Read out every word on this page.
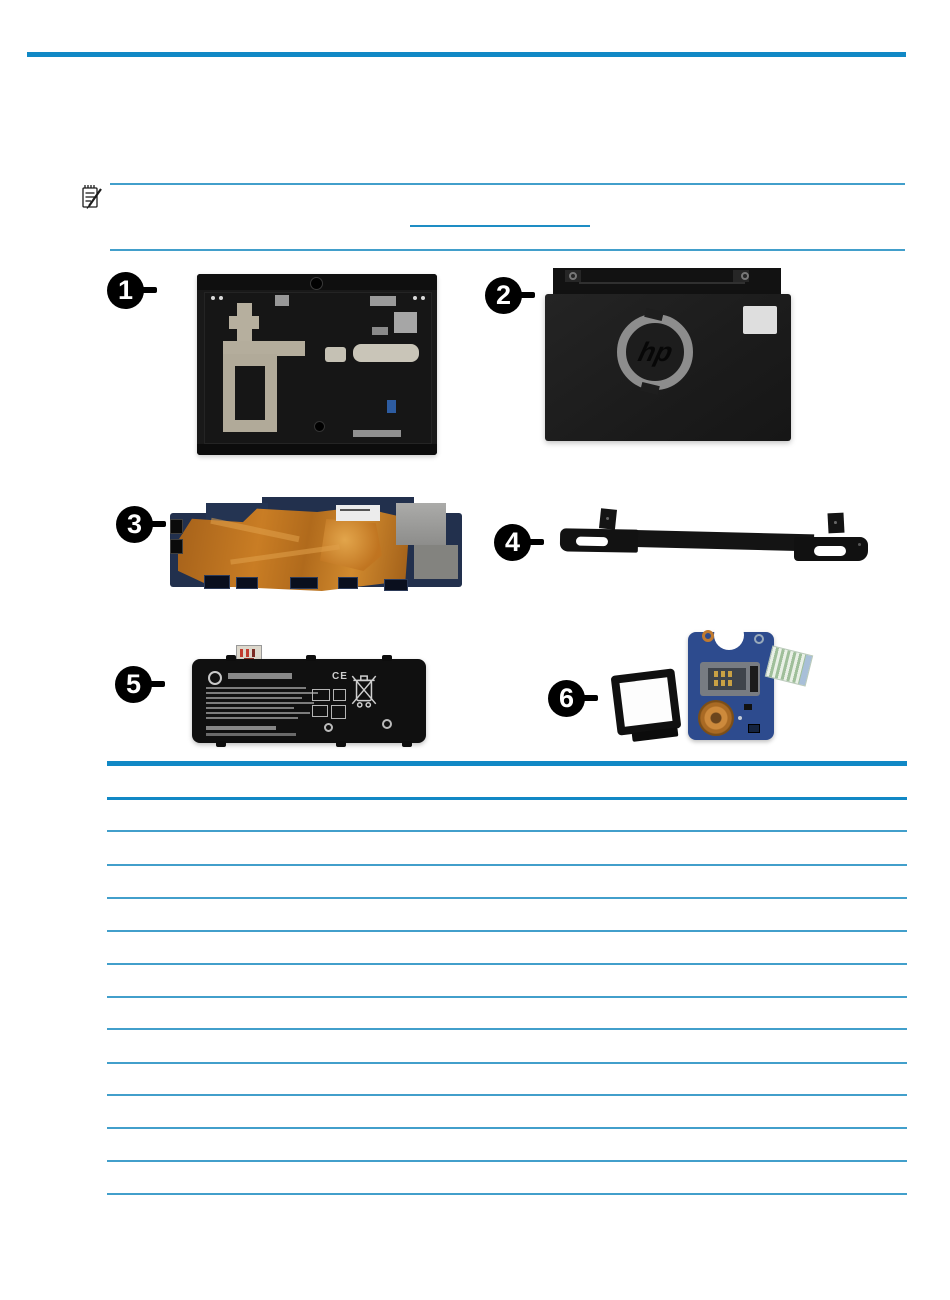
1	2
hp
3
4
5	CE
6
